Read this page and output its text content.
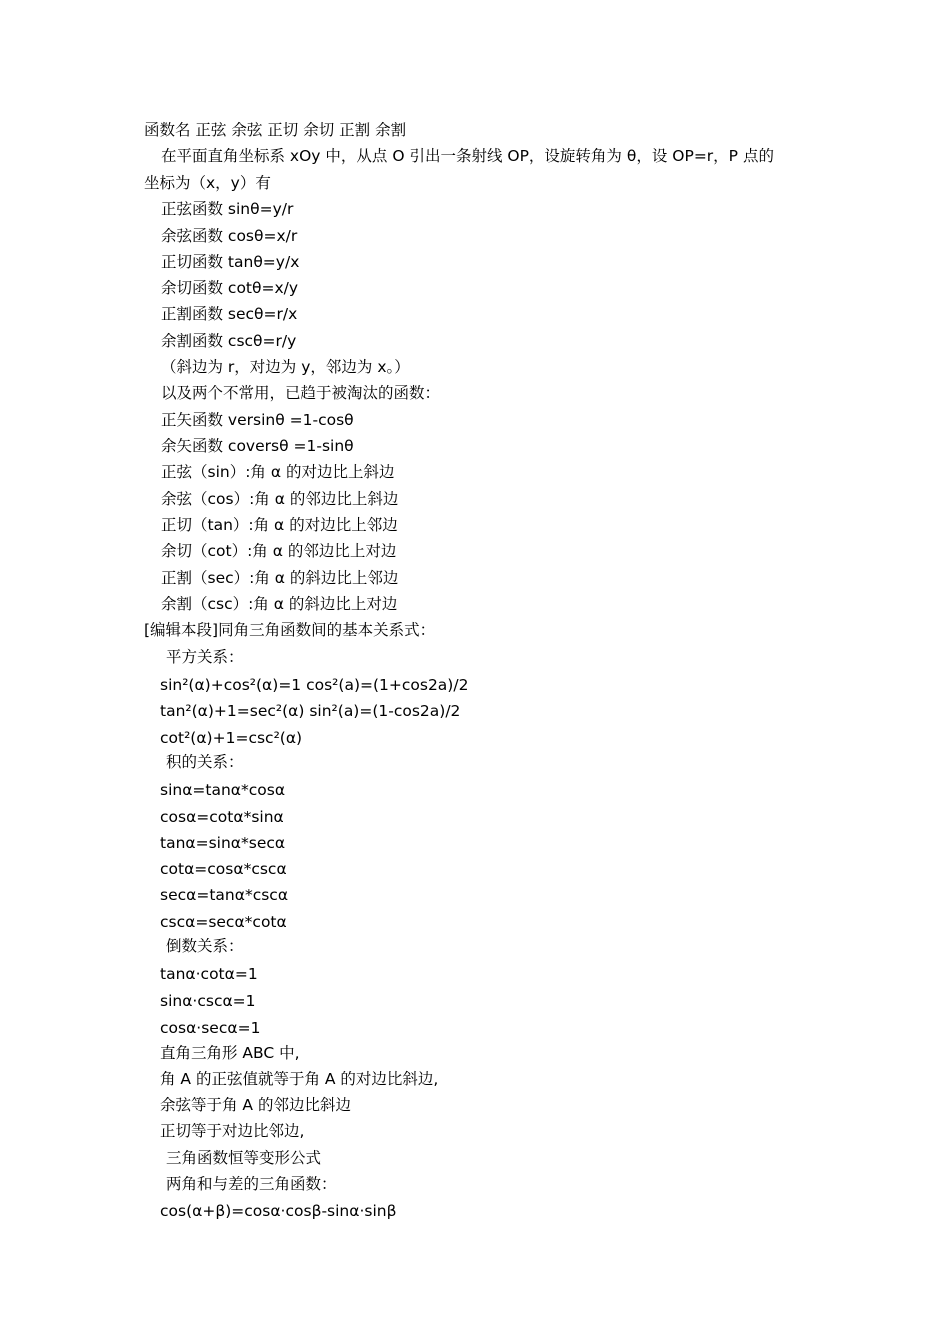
函数名 正弦 余弦 正切 余切 正割 余割
在平面直角坐标系 xOy 中，从点 O 引出一条射线 OP，设旋转角为 θ，设 OP=r，P 点的
坐标为（x，y）有
正弦函数 sinθ=y/r
余弦函数 cosθ=x/r
正切函数 tanθ=y/x
余切函数 cotθ=x/y
正割函数 secθ=r/x
余割函数 cscθ=r/y
（斜边为 r，对边为 y，邻边为 x。）
以及两个不常用，已趋于被淘汰的函数：
正矢函数 versinθ =1-cosθ
余矢函数 coversθ =1-sinθ
正弦（sin）:角 α 的对边比上斜边
余弦（cos）:角 α 的邻边比上斜边
正切（tan）:角 α 的对边比上邻边
余切（cot）:角 α 的邻边比上对边
正割（sec）:角 α 的斜边比上邻边
余割（csc）:角 α 的斜边比上对边
[编辑本段]同角三角函数间的基本关系式：
平方关系：
sin²(α)+cos²(α)=1 cos²(a)=(1+cos2a)/2
tan²(α)+1=sec²(α) sin²(a)=(1-cos2a)/2
cot²(α)+1=csc²(α)
积的关系：
sinα=tanα*cosα
cosα=cotα*sinα
tanα=sinα*secα
cotα=cosα*cscα
secα=tanα*cscα
cscα=secα*cotα
倒数关系：
tanα·cotα=1
sinα·cscα=1
cosα·secα=1
直角三角形 ABC 中,
角 A 的正弦值就等于角 A 的对边比斜边,
余弦等于角 A 的邻边比斜边
正切等于对边比邻边,
三角函数恒等变形公式
两角和与差的三角函数：
cos(α+β)=cosα·cosβ-sinα·sinβ
